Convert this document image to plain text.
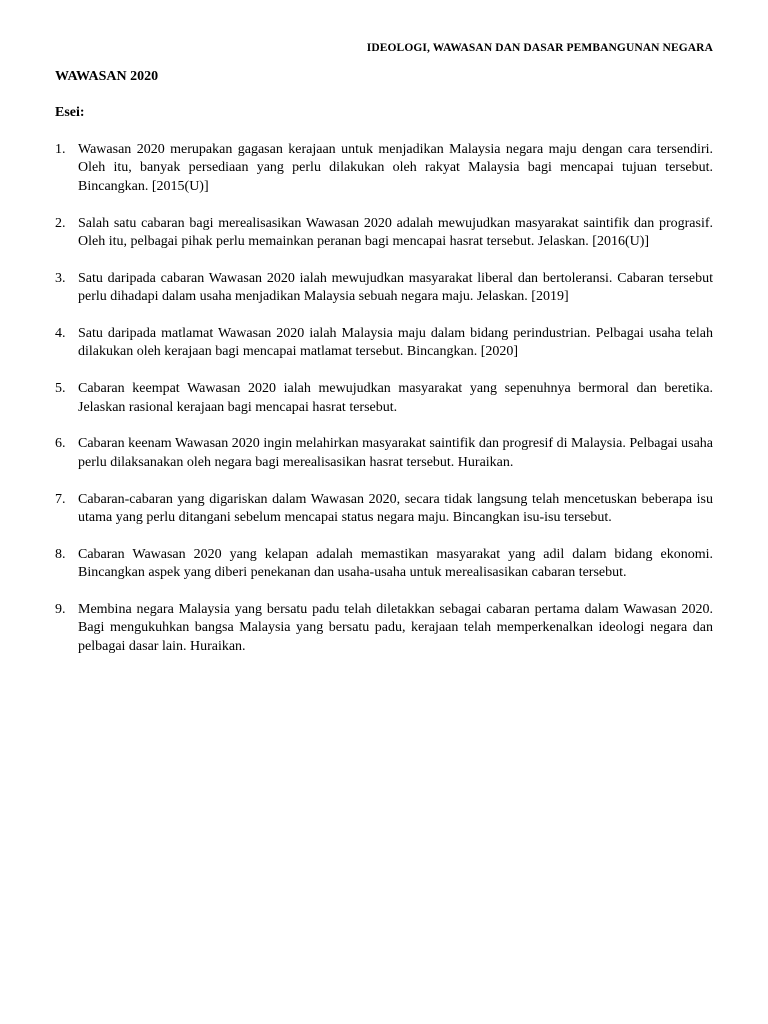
IDEOLOGI, WAWASAN DAN DASAR PEMBANGUNAN NEGARA
WAWASAN 2020
Esei:
1. Wawasan 2020 merupakan gagasan kerajaan untuk menjadikan Malaysia negara maju dengan cara tersendiri. Oleh itu, banyak persediaan yang perlu dilakukan oleh rakyat Malaysia bagi mencapai tujuan tersebut. Bincangkan. [2015(U)]
2. Salah satu cabaran bagi merealisasikan Wawasan 2020 adalah mewujudkan masyarakat saintifik dan prograsif. Oleh itu, pelbagai pihak perlu memainkan peranan bagi mencapai hasrat tersebut. Jelaskan. [2016(U)]
3. Satu daripada cabaran Wawasan 2020 ialah mewujudkan masyarakat liberal dan bertoleransi. Cabaran tersebut perlu dihadapi dalam usaha menjadikan Malaysia sebuah negara maju. Jelaskan. [2019]
4. Satu daripada matlamat Wawasan 2020 ialah Malaysia maju dalam bidang perindustrian. Pelbagai usaha telah dilakukan oleh kerajaan bagi mencapai matlamat tersebut. Bincangkan. [2020]
5. Cabaran keempat Wawasan 2020 ialah mewujudkan masyarakat yang sepenuhnya bermoral dan beretika. Jelaskan rasional kerajaan bagi mencapai hasrat tersebut.
6. Cabaran keenam Wawasan 2020 ingin melahirkan masyarakat saintifik dan progresif di Malaysia. Pelbagai usaha perlu dilaksanakan oleh negara bagi merealisasikan hasrat tersebut. Huraikan.
7. Cabaran-cabaran yang digariskan dalam Wawasan 2020, secara tidak langsung telah mencetuskan beberapa isu utama yang perlu ditangani sebelum mencapai status negara maju. Bincangkan isu-isu tersebut.
8. Cabaran Wawasan 2020 yang kelapan adalah memastikan masyarakat yang adil dalam bidang ekonomi. Bincangkan aspek yang diberi penekanan dan usaha-usaha untuk merealisasikan cabaran tersebut.
9. Membina negara Malaysia yang bersatu padu telah diletakkan sebagai cabaran pertama dalam Wawasan 2020. Bagi mengukuhkan bangsa Malaysia yang bersatu padu, kerajaan telah memperkenalkan ideologi negara dan pelbagai dasar lain. Huraikan.
